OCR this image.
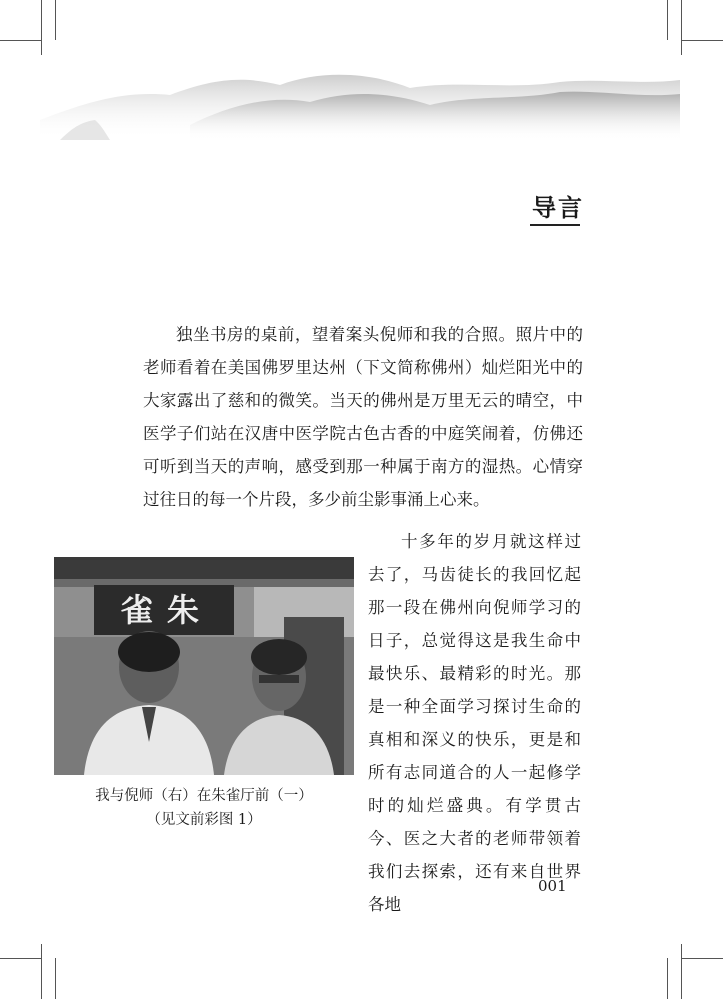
导言

独坐书房的桌前，望着案头倪师和我的合照。照片中的老师看着在美国佛罗里达州（下文简称佛州）灿烂阳光中的大家露出了慈和的微笑。当天的佛州是万里无云的晴空，中医学子们站在汉唐中医学院古色古香的中庭笑闹着，仿佛还可听到当天的声响，感受到那一种属于南方的湿热。心情穿过往日的每一个片段，多少前尘影事涌上心来。

雀朱
我与倪师（右）在朱雀厅前（一）
（见文前彩图 1）

十多年的岁月就这样过去了，马齿徒长的我回忆起那一段在佛州向倪师学习的日子，总觉得这是我生命中最快乐、最精彩的时光。那是一种全面学习探讨生命的真相和深义的快乐，更是和所有志同道合的人一起修学时的灿烂盛典。有学贯古今、医之大者的老师带领着我们去探索，还有来自世界各地

001
